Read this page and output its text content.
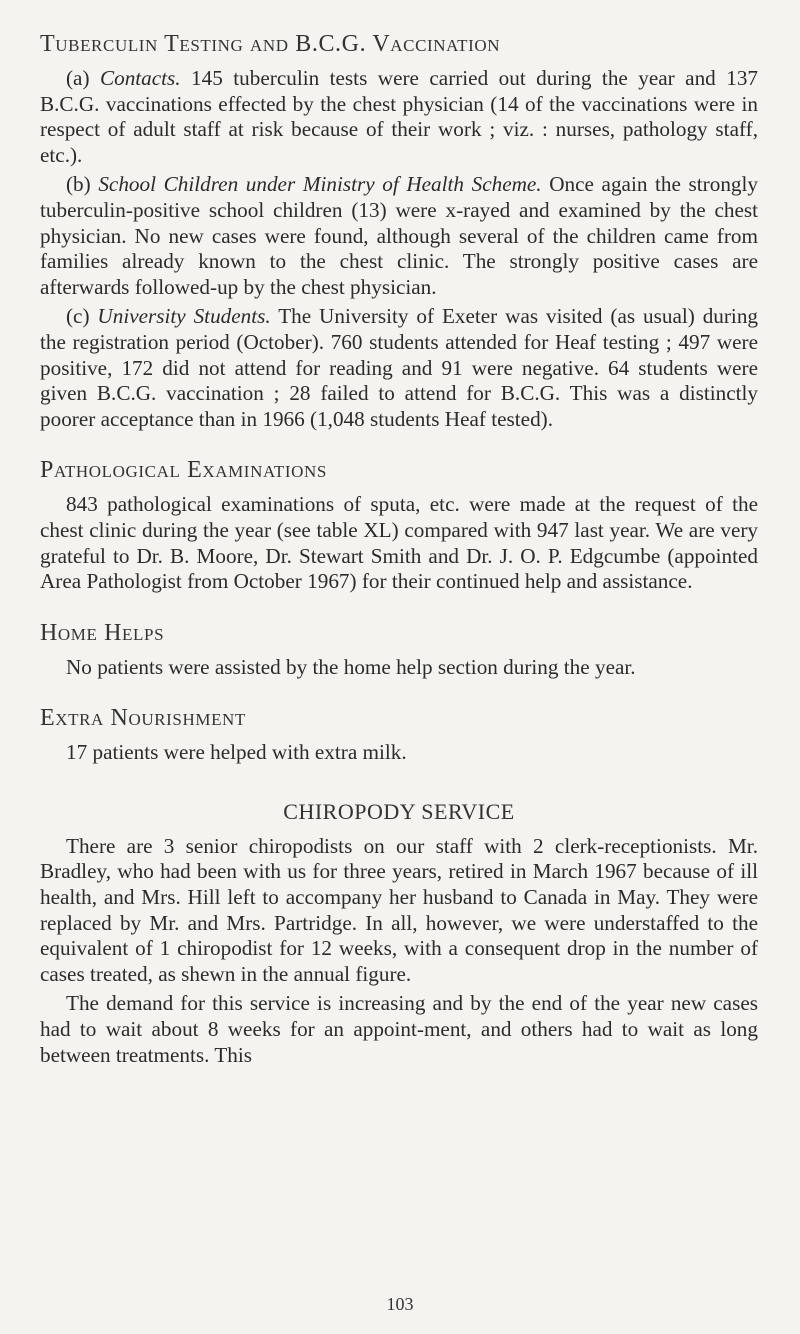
Tuberculin Testing and B.C.G. Vaccination

(a) Contacts. 145 tuberculin tests were carried out during the year and 137 B.C.G. vaccinations effected by the chest physician (14 of the vaccinations were in respect of adult staff at risk because of their work ; viz. : nurses, pathology staff, etc.).

(b) School Children under Ministry of Health Scheme. Once again the strongly tuberculin-positive school children (13) were x-rayed and examined by the chest physician. No new cases were found, although several of the children came from families already known to the chest clinic. The strongly positive cases are afterwards followed-up by the chest physician.

(c) University Students. The University of Exeter was visited (as usual) during the registration period (October). 760 students attended for Heaf testing ; 497 were positive, 172 did not attend for reading and 91 were negative. 64 students were given B.C.G. vaccination ; 28 failed to attend for B.C.G. This was a distinctly poorer acceptance than in 1966 (1,048 students Heaf tested).

Pathological Examinations

843 pathological examinations of sputa, etc. were made at the request of the chest clinic during the year (see table XL) compared with 947 last year. We are very grateful to Dr. B. Moore, Dr. Stewart Smith and Dr. J. O. P. Edgcumbe (appointed Area Pathologist from October 1967) for their continued help and assistance.

Home Helps

No patients were assisted by the home help section during the year.

Extra Nourishment

17 patients were helped with extra milk.

CHIROPODY SERVICE

There are 3 senior chiropodists on our staff with 2 clerk-receptionists. Mr. Bradley, who had been with us for three years, retired in March 1967 because of ill health, and Mrs. Hill left to accompany her husband to Canada in May. They were replaced by Mr. and Mrs. Partridge. In all, however, we were understaffed to the equivalent of 1 chiropodist for 12 weeks, with a consequent drop in the number of cases treated, as shewn in the annual figure.

The demand for this service is increasing and by the end of the year new cases had to wait about 8 weeks for an appoint-ment, and others had to wait as long between treatments. This

103
